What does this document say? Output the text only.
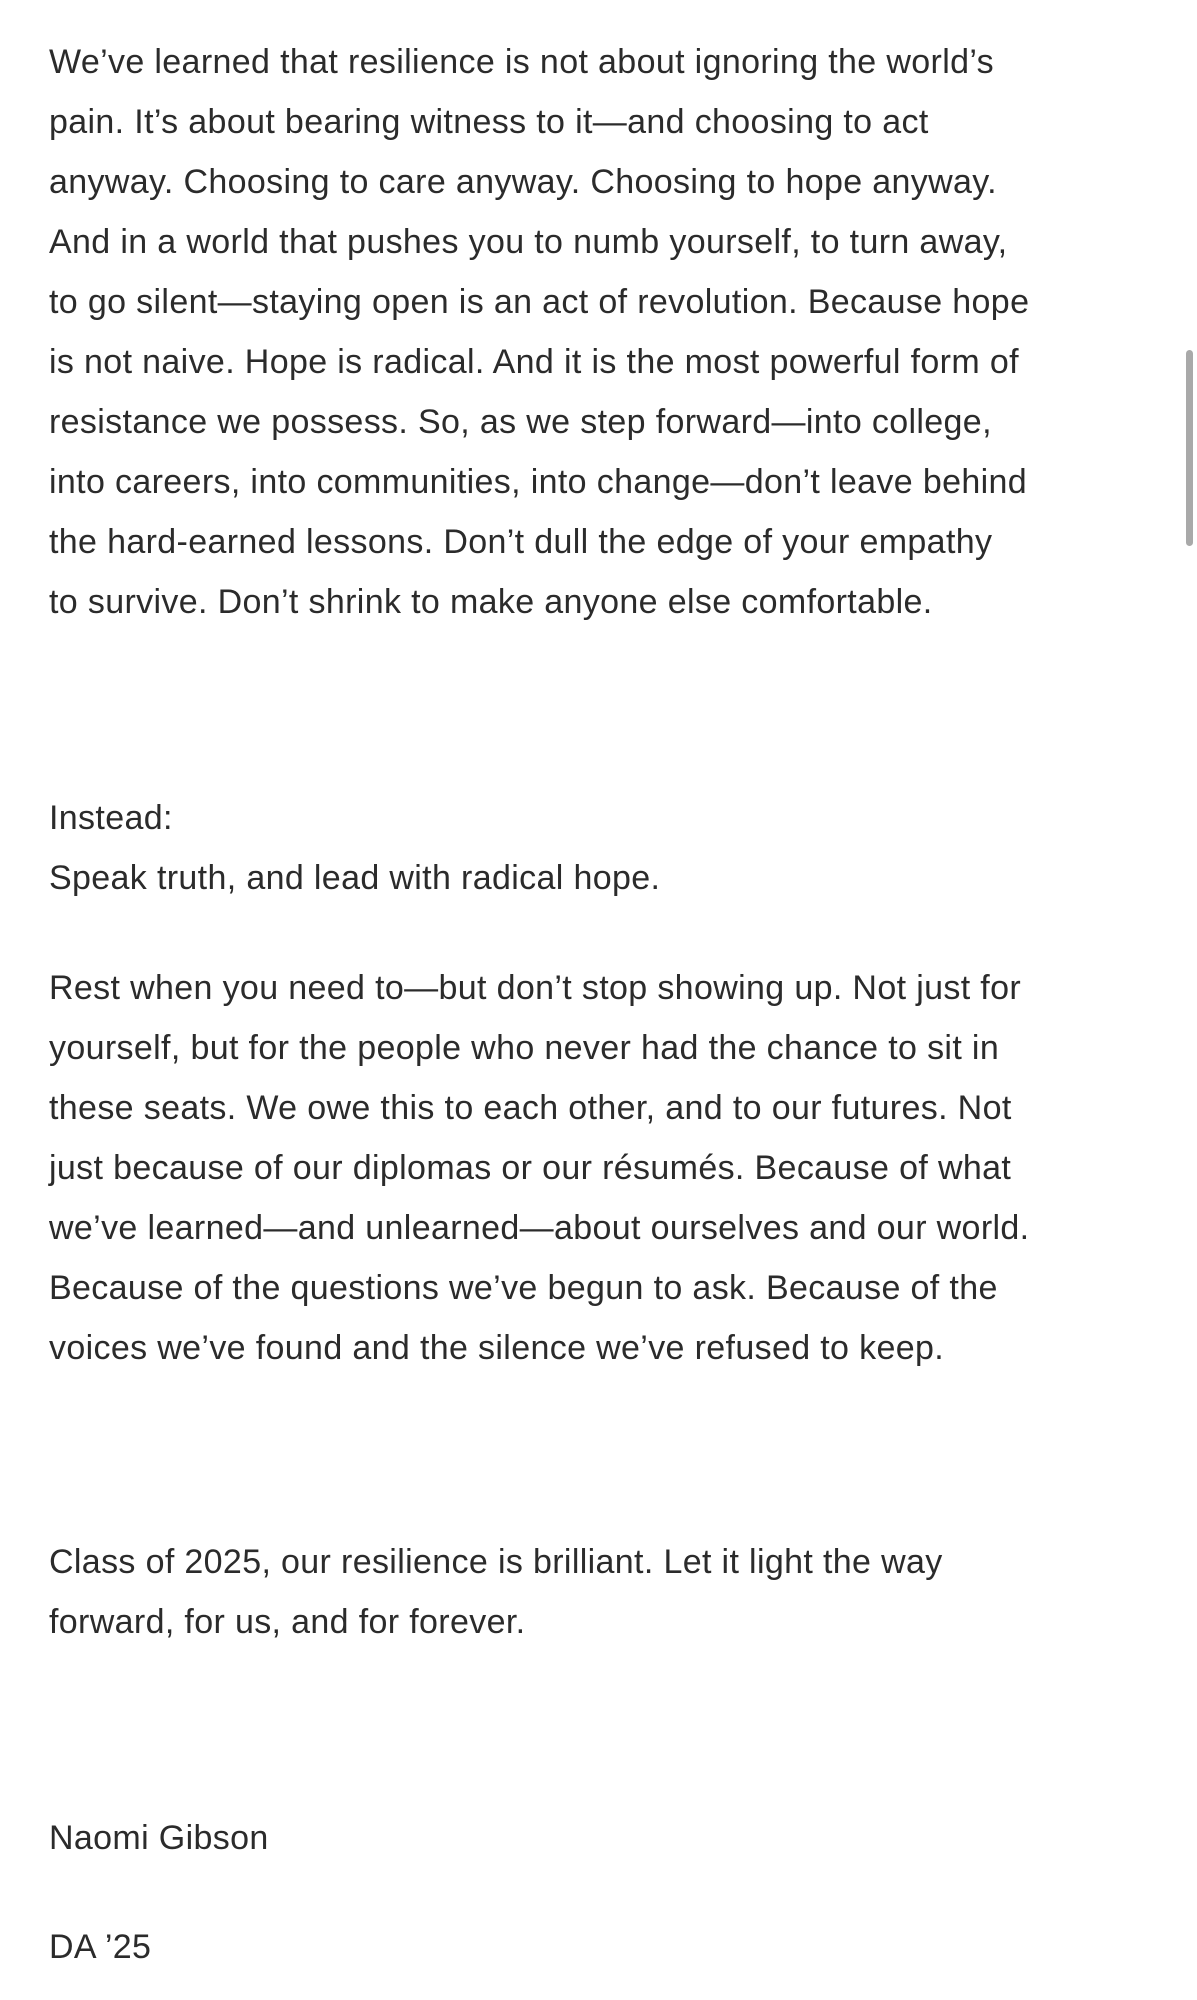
We’ve learned that resilience is not about ignoring the world’s
pain. It’s about bearing witness to it—and choosing to act
anyway. Choosing to care anyway. Choosing to hope anyway.
And in a world that pushes you to numb yourself, to turn away,
to go silent—staying open is an act of revolution. Because hope
is not naive. Hope is radical. And it is the most powerful form of
resistance we possess. So, as we step forward—into college,
into careers, into communities, into change—don’t leave behind
the hard-earned lessons. Don’t dull the edge of your empathy
to survive. Don’t shrink to make anyone else comfortable.

Instead:
Speak truth, and lead with radical hope.

Rest when you need to—but don’t stop showing up. Not just for
yourself, but for the people who never had the chance to sit in
these seats. We owe this to each other, and to our futures. Not
just because of our diplomas or our résumés. Because of what
we’ve learned—and unlearned—about ourselves and our world.
Because of the questions we’ve begun to ask. Because of the
voices we’ve found and the silence we’ve refused to keep.

Class of 2025, our resilience is brilliant. Let it light the way
forward, for us, and for forever.

Naomi Gibson

DA ’25
